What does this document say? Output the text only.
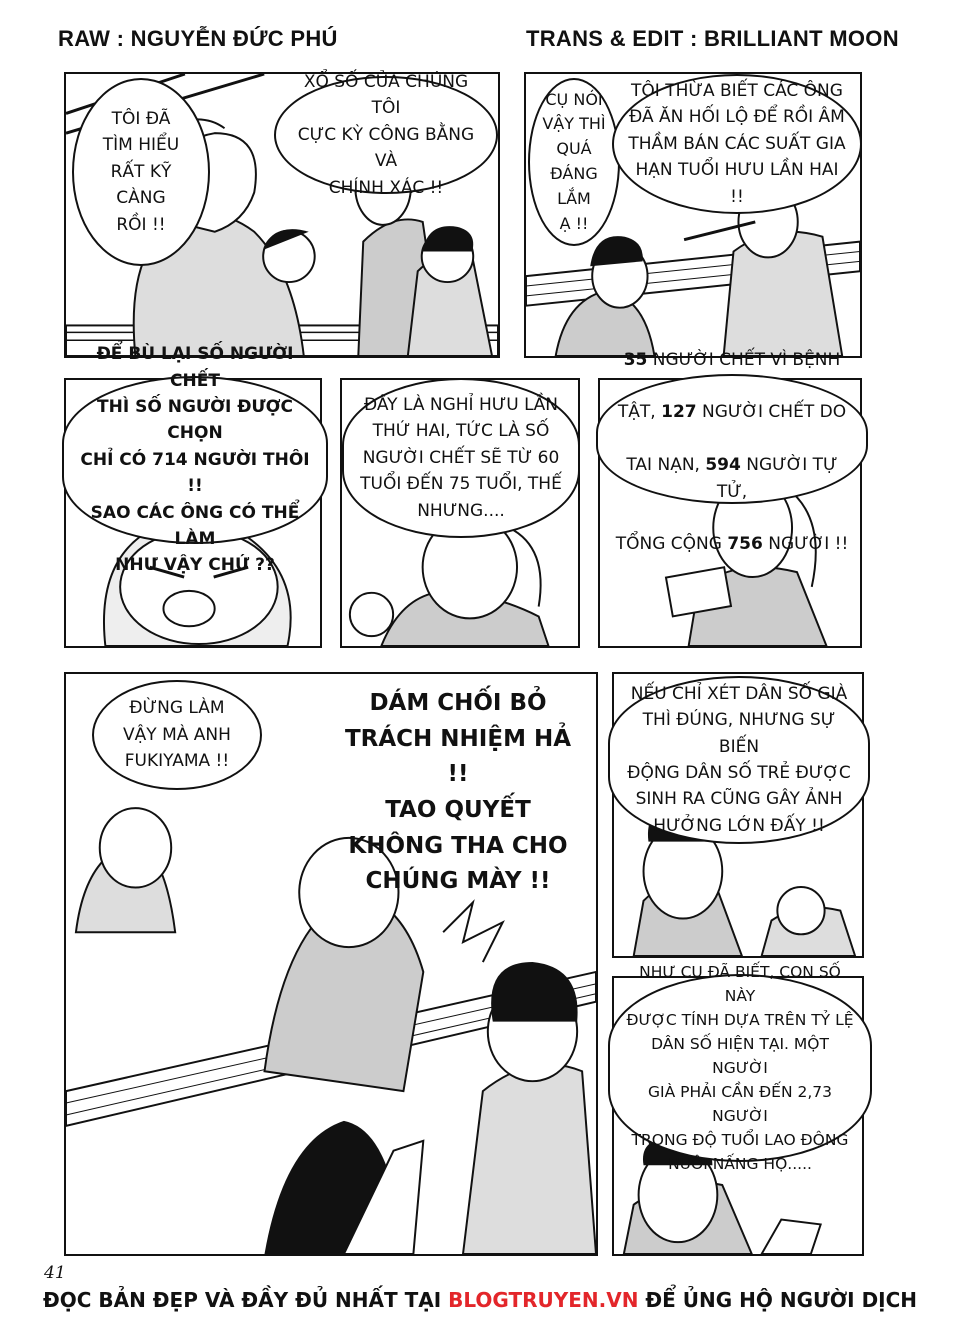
RAW : NGUYỄN ĐỨC PHÚ	TRANS & EDIT : BRILLIANT MOON
TÔI ĐÃ
TÌM HIỂU
RẤT KỸ
CÀNG
RỒI !!
XỔ SỐ CỦA CHÚNG TÔI
CỰC KỲ CÔNG BẰNG VÀ
CHÍNH XÁC !!
CỤ NÓI
VẬY THÌ
QUÁ
ĐÁNG
LẮM
Ạ !!
TÔI THỪA BIẾT CÁC ÔNG
ĐÃ ĂN HỐI LỘ ĐỂ RỒI ÂM
THẦM BÁN CÁC SUẤT GIA
HẠN TUỔI HƯU LẦN HAI !!
ĐỂ BÙ LẠI SỐ NGƯỜI CHẾT
THÌ SỐ NGƯỜI ĐƯỢC CHỌN
CHỈ CÓ 714 NGƯỜI THÔI !!
SAO CÁC ÔNG CÓ THỂ LÀM
NHƯ VẬY CHỨ ??
ĐÂY LÀ NGHỈ HƯU LẦN
THỨ HAI, TỨC LÀ SỐ
NGƯỜI CHẾT SẼ TỪ 60
TUỔI ĐẾN 75 TUỔI, THẾ
NHƯNG....

35 NGƯỜI CHẾT VÌ BỆNH

TẬT, 127 NGƯỜI CHẾT DO

TAI NẠN, 594 NGƯỜI TỰ TỬ,

TỔNG CỘNG 756 NGƯỜI !!

ĐỪNG LÀM
VẬY MÀ ANH
FUKIYAMA !!
DÁM CHỐI BỎ
TRÁCH NHIỆM HẢ !!
TAO QUYẾT
KHÔNG THA CHO
CHÚNG MÀY !!
NẾU CHỈ XÉT DÂN SỐ GIÀ
THÌ ĐÚNG, NHƯNG SỰ BIẾN
ĐỘNG DÂN SỐ TRẺ ĐƯỢC
SINH RA CŨNG GÂY ẢNH
HƯỞNG LỚN ĐẤY !!
NHƯ CỤ ĐÃ BIẾT, CON SỐ NÀY
ĐƯỢC TÍNH DỰA TRÊN TỶ LỆ
DÂN SỐ HIỆN TẠI. MỘT NGƯỜI
GIÀ PHẢI CẦN ĐẾN 2,73 NGƯỜI
TRONG ĐỘ TUỔI LAO ĐỘNG
NUÔI NẤNG HỌ.....
41
ĐỌC BẢN ĐẸP VÀ ĐẦY ĐỦ NHẤT TẠI BLOGTRUYEN.VN ĐỂ ỦNG HỘ NGƯỜI DỊCH
